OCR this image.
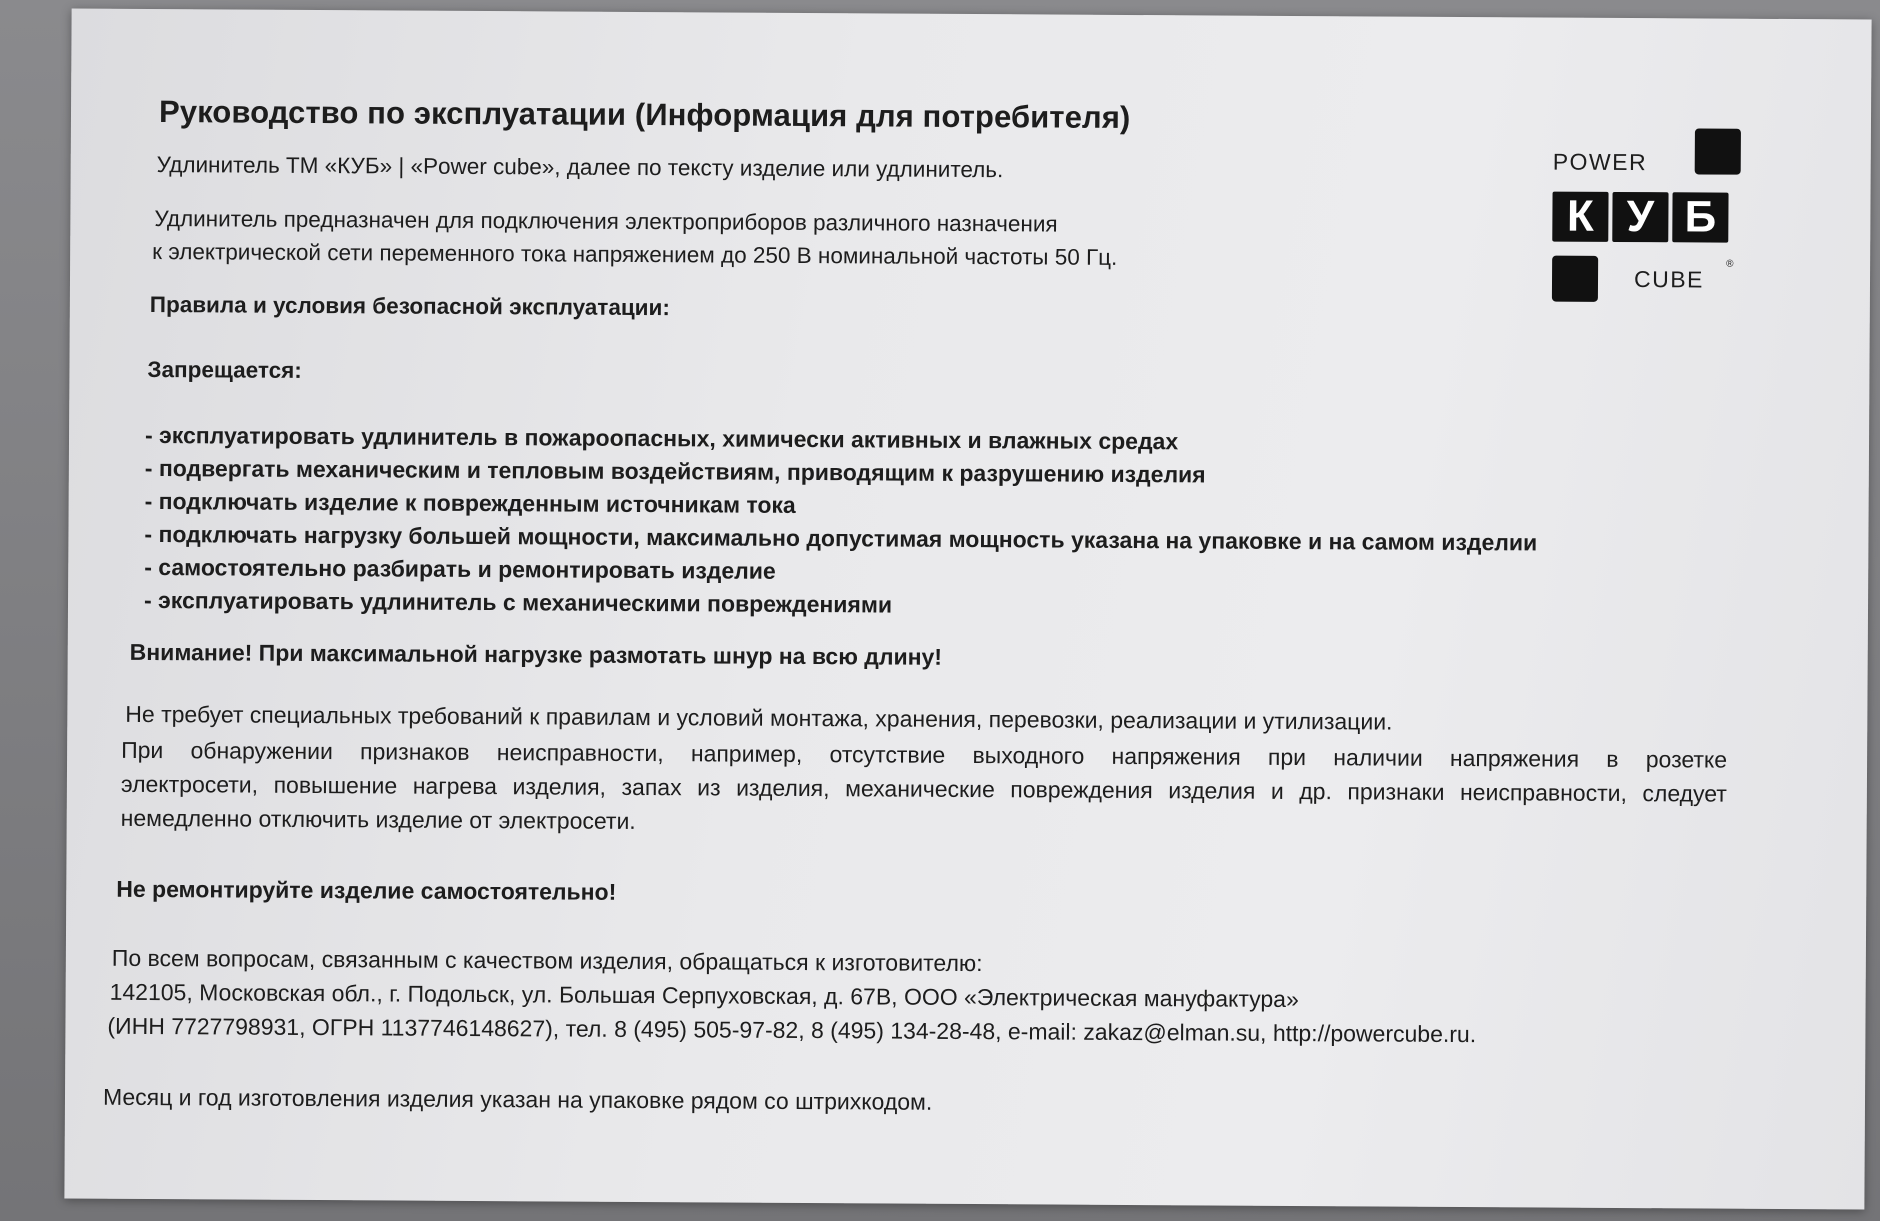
Руководство по эксплуатации (Информация для потребителя)
Удлинитель ТМ «КУБ» | «Power cube», далее по тексту изделие или удлинитель.
Удлинитель предназначен для подключения электроприборов различного назначения
к электрической сети переменного тока напряжением до 250 В номинальной частоты 50 Гц.
Правила и условия безопасной эксплуатации:
Запрещается:
- эксплуатировать удлинитель в пожароопасных, химически активных и влажных средах
- подвергать механическим и тепловым воздействиям, приводящим к разрушению изделия
- подключать изделие к поврежденным источникам тока
- подключать нагрузку большей мощности, максимально допустимая мощность указана на упаковке и на самом изделии
- самостоятельно разбирать и ремонтировать изделие
- эксплуатировать удлинитель с механическими повреждениями
Внимание! При максимальной нагрузке размотать шнур на всю длину!
Не требует специальных требований к правилам и условий монтажа, хранения, перевозки, реализации и утилизации.
При обнаружении признаков неисправности, например, отсутствие выходного напряжения при наличии напряжения в розетке
электросети, повышение нагрева изделия, запах из изделия, механические повреждения изделия и др. признаки неисправности, следует
немедленно отключить изделие от электросети.
Не ремонтируйте изделие самостоятельно!
По всем вопросам, связанным с качеством изделия, обращаться к изготовителю:
142105, Московская обл., г. Подольск, ул. Большая Серпуховская, д. 67В, ООО «Электрическая мануфактура»
(ИНН 7727798931, ОГРН 1137746148627), тел. 8 (495) 505-97-82, 8 (495) 134-28-48, e-mail: zakaz@elman.su, http://powercube.ru.
Месяц и год изготовления изделия указан на упаковке рядом со штрихкодом.
POWER
К У Б
CUBE
®
